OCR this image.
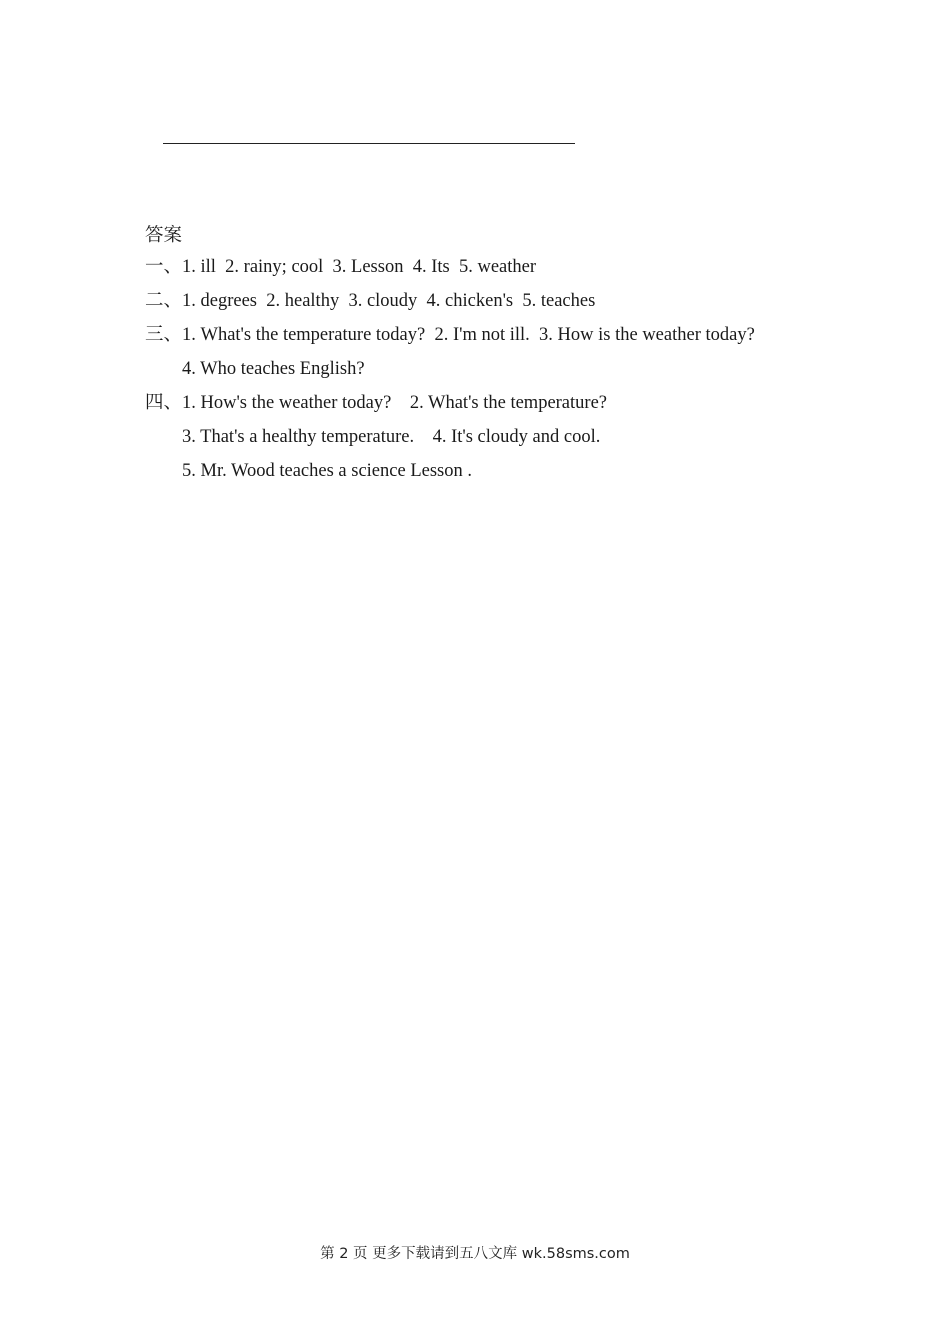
答案
一、1. ill  2. rainy; cool  3. Lesson  4. Its  5. weather
二、1. degrees  2. healthy  3. cloudy  4. chicken's  5. teaches
三、1. What's the temperature today?  2. I'm not ill.  3. How is the weather today?
4. Who teaches English?
四、1. How's the weather today?    2. What's the temperature?
3. That's a healthy temperature.    4. It's cloudy and cool.
5. Mr. Wood teaches a science Lesson .
第 2 页 更多下载请到五八文库 wk.58sms.com
